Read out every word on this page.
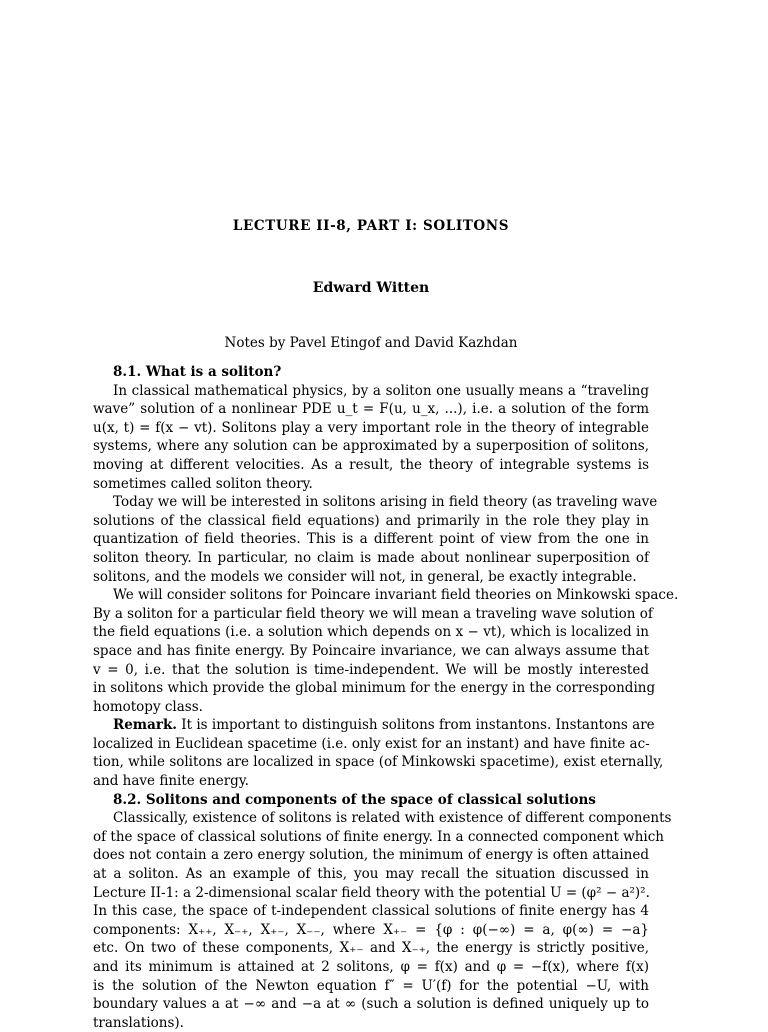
LECTURE II-8, PART I: SOLITONS
Edward Witten
Notes by Pavel Etingof and David Kazhdan
8.1. What is a soliton?
In classical mathematical physics, by a soliton one usually means a “traveling
wave” solution of a nonlinear PDE u_t = F(u, u_x, ...), i.e. a solution of the form
u(x, t) = f(x − vt). Solitons play a very important role in the theory of integrable
systems, where any solution can be approximated by a superposition of solitons,
moving at different velocities. As a result, the theory of integrable systems is
sometimes called soliton theory.
Today we will be interested in solitons arising in field theory (as traveling wave
solutions of the classical field equations) and primarily in the role they play in
quantization of field theories. This is a different point of view from the one in
soliton theory. In particular, no claim is made about nonlinear superposition of
solitons, and the models we consider will not, in general, be exactly integrable.
We will consider solitons for Poincare invariant field theories on Minkowski space.
By a soliton for a particular field theory we will mean a traveling wave solution of
the field equations (i.e. a solution which depends on x − vt), which is localized in
space and has finite energy. By Poincaire invariance, we can always assume that
v = 0, i.e. that the solution is time-independent. We will be mostly interested
in solitons which provide the global minimum for the energy in the corresponding
homotopy class.
Remark. It is important to distinguish solitons from instantons. Instantons are
localized in Euclidean spacetime (i.e. only exist for an instant) and have finite ac-
tion, while solitons are localized in space (of Minkowski spacetime), exist eternally,
and have finite energy.
8.2. Solitons and components of the space of classical solutions
Classically, existence of solitons is related with existence of different components
of the space of classical solutions of finite energy. In a connected component which
does not contain a zero energy solution, the minimum of energy is often attained
at a soliton. As an example of this, you may recall the situation discussed in
Lecture II-1: a 2-dimensional scalar field theory with the potential U = (φ² − a²)².
In this case, the space of t-independent classical solutions of finite energy has 4
components: X₊₊, X₋₊, X₊₋, X₋₋, where X₊₋ = {φ : φ(−∞) = a, φ(∞) = −a}
etc. On two of these components, X₊₋ and X₋₊, the energy is strictly positive,
and its minimum is attained at 2 solitons, φ = f(x) and φ = −f(x), where f(x)
is the solution of the Newton equation f″ = U′(f) for the potential −U, with
boundary values a at −∞ and −a at ∞ (such a solution is defined uniquely up to
translations).
